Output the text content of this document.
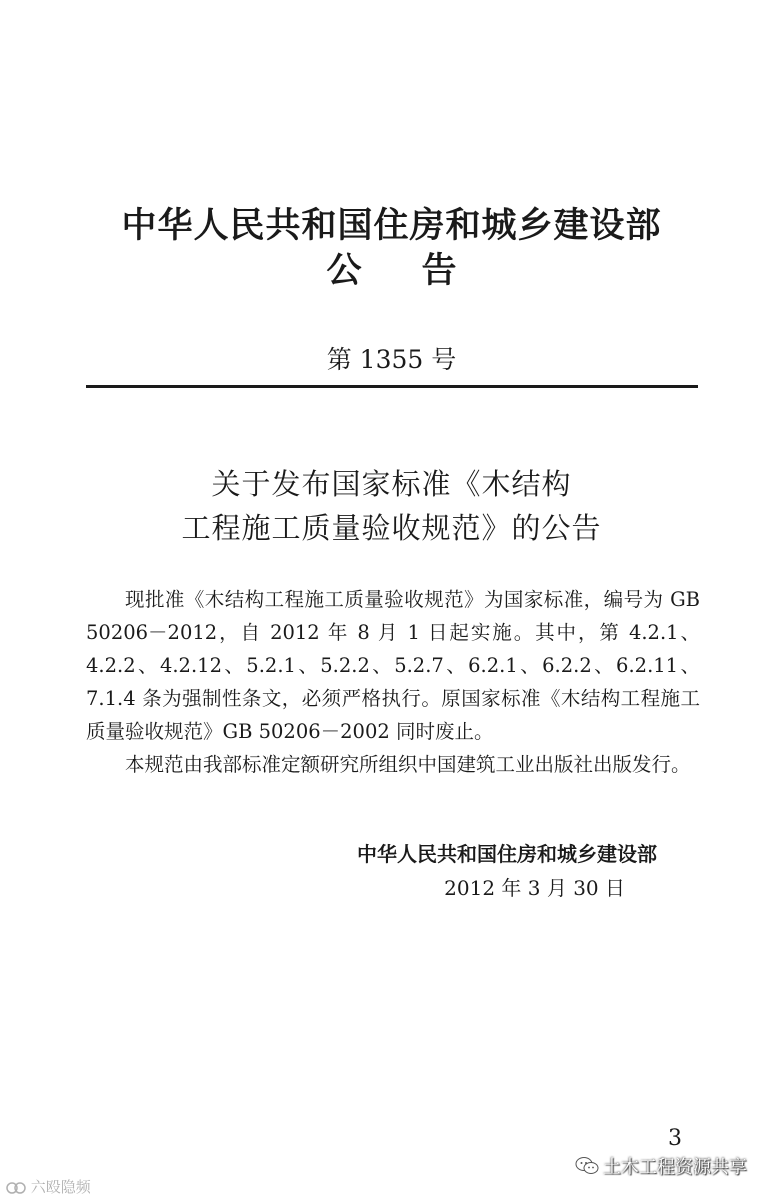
中华人民共和国住房和城乡建设部
公告
第 1355 号
关于发布国家标准《木结构
工程施工质量验收规范》的公告

现批准《木结构工程施工质量验收规范》为国家标准，编号为 GB 50206－2012，自 2012 年 8 月 1 日起实施。其中，第 4.2.1、4.2.2、4.2.12、5.2.1、5.2.2、5.2.7、6.2.1、6.2.2、6.2.11、7.1.4 条为强制性条文，必须严格执行。原国家标准《木结构工程施工质量验收规范》GB 50206－2002 同时废止。

本规范由我部标准定额研究所组织中国建筑工业出版社出版发行。

中华人民共和国住房和城乡建设部
2012 年 3 月 30 日
3
六殴隐频
土木工程资源共享
